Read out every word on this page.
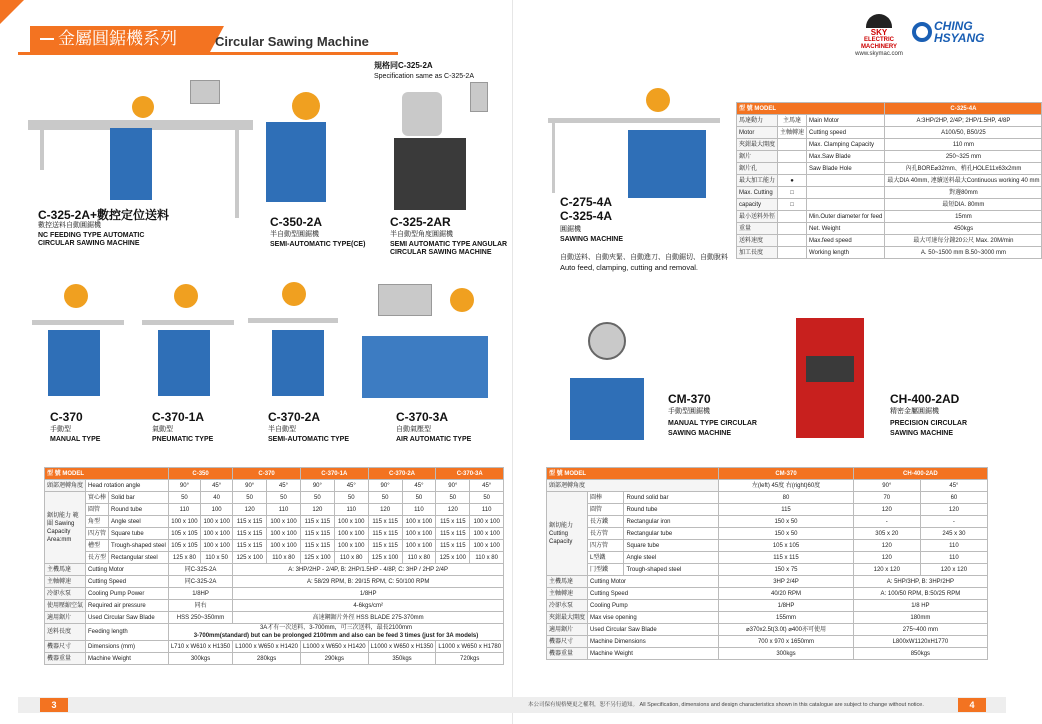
金屬圓鋸機系列	Circular Sawing Machine
SKY
ELECTRIC MACHINERY
www.skymac.com
CHING HSYANG
C-325-2A+數控定位送料
數控送料自動圓鋸機
NC FEEDING TYPE AUTOMATIC CIRCULAR SAWING MACHINE
C-350-2A
半自動型圓鋸機
SEMI-AUTOMATIC TYPE(CE)
規格同C-325-2A
Specification same as C-325-2A
C-325-2AR
半自動型角度圓鋸機
SEMI AUTOMATIC TYPE ANGULAR CIRCULAR SAWING MACHINE
C-370
手動型
MANUAL TYPE
C-370-1A
氣動型
PNEUMATIC TYPE
C-370-2A
半自動型
SEMI-AUTOMATIC TYPE
C-370-3A
自動氣壓型
AIR AUTOMATIC TYPE
C-275-4A
C-325-4A
圓鋸機
SAWING MACHINE
自動送料、自動夾緊、自動進刀、自動鋸切、自動脫料
Auto feed, clamping, cutting and removal.
型 號 MODEL			C-325-4A
馬達動力	主馬達	Main Motor	A:3HP/2HP, 2/4P; 2HP/1.5HP, 4/8P
Motor	主軸轉速	Cutting speed	A100/50, B50/25
夾鉗最大開度		Max. Clamping Capacity	110 mm
鋸片		Max.Saw Blade	250~325 mm
鋸片孔		Saw Blade Hole	內孔BORE⌀32mm、梢孔HOLE11x63x2mm
最大加工能力	●		最大DIA 40mm, 連續送料最大Continuous working 40 mm
Max. Cutting	□		對邊80mm
capacity	□		最短DIA. 80mm
最小送料外徑		Min.Outer diameter for feed	15mm
重量		Net. Weight	450kgs
送料速度		Max.feed speed	最大可達每分鐘20公尺 Max. 20M/min
加工長度		Working length	A. 50~1500 mm B.50~3000 mm
CM-370
手動型圓鋸機
MANUAL TYPE CIRCULAR
SAWING MACHINE
CH-400-2AD
精密金屬圓鋸機
PRECISION CIRCULAR
SAWING MACHINE
型 號 MODEL			C-350		C-370		C-370-1A		C-370-2A		C-370-3A	
頭部迴轉角度	Head rotation angle		90°	45°	90°	45°	90°	45°	90°	45°	90°	45°
鋸切能力 範圍 Sawing Capacity Area:mm	實心棒	Solid bar	50	40	50	50	50	50	50	50	50	50
	圓管	Round tube	110	100	120	110	120	110	120	110	120	110
	角型	Angle steel	100 x 100	100 x 100	115 x 115	100 x 100	115 x 115	100 x 100	115 x 115	100 x 100	115 x 115	100 x 100
	四方管	Square tube	105 x 105	100 x 100	115 x 115	100 x 100	115 x 115	100 x 100	115 x 115	100 x 100	115 x 115	100 x 100
	槽型	Trough-shaped steel	105 x 105	100 x 100	115 x 115	100 x 100	115 x 115	100 x 100	115 x 115	100 x 100	115 x 115	100 x 100
	長方型	Rectangular steel	125 x 80	110 x 50	125 x 100	110 x 80	125 x 100	110 x 80	125 x 100	110 x 80	125 x 100	110 x 80
主機馬達	Cutting Motor		同C-325-2A		A: 3HP/2HP - 2/4P, B: 2HP/1.5HP - 4/8P, C: 3HP / 2HP 2/4P							
主軸轉速	Cutting Speed		同C-325-2A		A: 58/29 RPM, B: 29/15 RPM, C: 50/100 RPM							
冷卻水泵	Cooling Pump Power		1/8HP		1/8HP							
使用壓縮空氣	Required air pressure		同右		4-6kgs/cm²							
適用鋸片	Used Circular Saw Blade		HSS 250~350mm		高速鋼鋸片外徑 HSS BLADE 275-370mm							
送料長度	Feeding length		3A才有一次送料、3-700mm，可三次送料，最長2100mm
3-700mm(standard) but can be prolonged 2100mm and also can be feed 3 times (just for 3A models)									

機器尺寸	Dimensions (mm)		L710 x W610 x H1350		L1000 x W650 x H1420		L1000 x W650 x H1420		L1000 x W650 x H1350		L1000 x W650 x H1780	
機器重量	Machine Weight		300kgs		280kgs		290kgs		350kgs		720kgs	
型 號 MODEL			CM-370	CH-400-2AD	
頭部迴轉角度			左(left) 45度 右(right)60度	90°	45°
鋸切能力 Cutting Capacity	圓棒	Round solid bar	80	70	60
	圓管	Round tube	115	120	120
	長方鐵	Rectangular iron	150 x 50	-	-
	長方管	Rectangular tube	150 x 50	305 x 20	245 x 30
	四方管	Square tube	105 x 105	120	110
	L型鐵	Angle steel	115 x 115	120	110
	冂型鐵	Trough-shaped steel	150 x 75	120 x 120	120 x 120
主機馬達	Cutting Motor		3HP 2/4P	A: 5HP/3HP, B: 3HP/2HP	
主軸轉速	Cutting Speed		40/20 RPM	A: 100/50 RPM, B:50/25 RPM	
冷卻水泵	Cooling Pump		1/8HP	1/8 HP	
夾鉗最大開度	Max vise opening		155mm	180mm	
適用鋸片	Used Circular Saw Blade		⌀370x2.5t(3.0t) ⌀400亦可使用	275~400 mm	
機器尺寸	Machine Dimensions		700 x 970 x 1650mm	L800xW1120xH1770	
機器重量	Machine Weight		300kgs	850kgs	
3	4
本公司保有規格變更之權利，恕不另行通知。 All Specification, dimensions and design characteristics shown in this catalogue are subject to change without notice.
